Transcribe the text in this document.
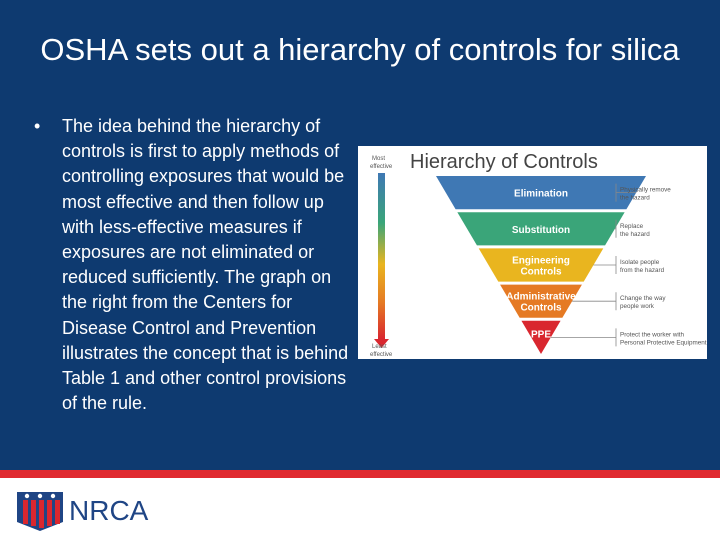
OSHA sets out a hierarchy of controls for silica
•	The idea behind the hierarchy of controls is first to apply methods of controlling exposures that would be most effective and then follow up with less-effective measures if exposures are not eliminated or reduced sufficiently. The graph on the right from the Centers for Disease Control and Prevention illustrates the concept that is behind Table 1 and other control provisions of the rule.
Hierarchy of Controls
Most effective
Least effective
Elimination	Physically remove the hazard
Substitution	Replace the hazard
Engineering Controls
Isolate people from the hazard
Administrative Controls
Change the way people work
PPE	Protect the worker with Personal Protective Equipment
NRCA
